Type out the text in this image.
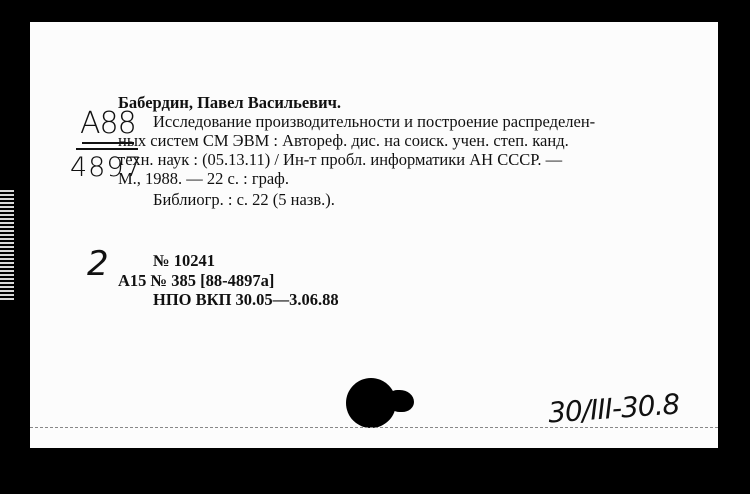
A88
4897
2
Бабердин, Павел Васильевич.
Исследование производительности и построение распределен-
ных систем СМ ЭВМ : Автореф. дис. на соиск. учен. степ. канд.
техн. наук : (05.13.11) / Ин-т пробл. информатики АН СССР. —
М., 1988. — 22 с. : граф.
Библиогр. : с. 22 (5 назв.).
№ 10241
А15 № 385 [88-4897а]
НПО ВКП 30.05—3.06.88
30/III-30.8
